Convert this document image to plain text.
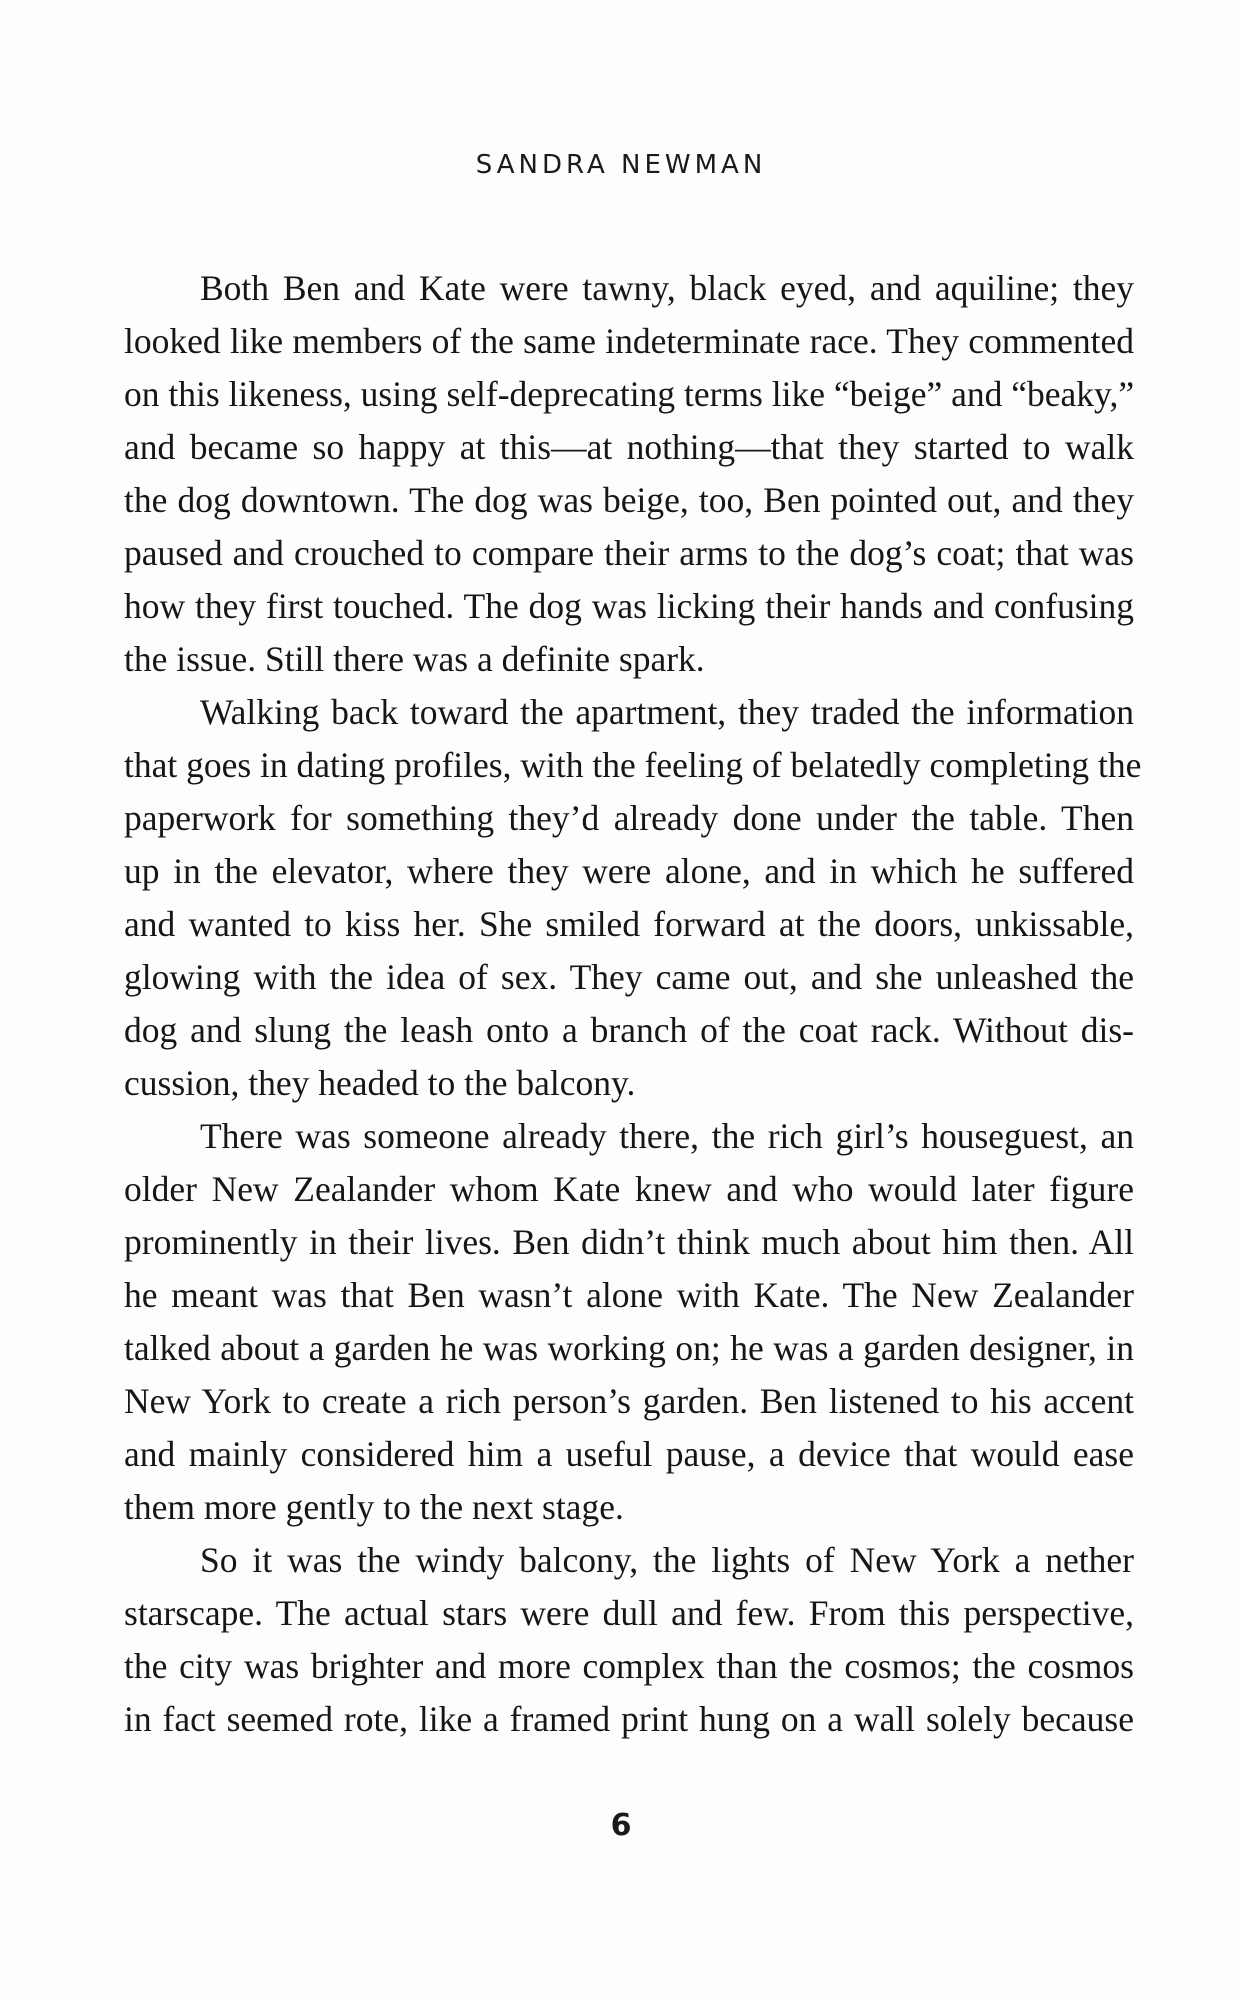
SANDRA NEWMAN
Both Ben and Kate were tawny, black eyed, and aquiline; they
looked like members of the same indeterminate race. They commented
on this likeness, using self-deprecating terms like “beige” and “beaky,”
and became so happy at this—at nothing—that they started to walk
the dog downtown. The dog was beige, too, Ben pointed out, and they
paused and crouched to compare their arms to the dog’s coat; that was
how they first touched. The dog was licking their hands and confusing
the issue. Still there was a definite spark.
Walking back toward the apartment, they traded the information
that goes in dating profiles, with the feeling of belatedly completing the
paperwork for something they’d already done under the table. Then
up in the elevator, where they were alone, and in which he suffered
and wanted to kiss her. She smiled forward at the doors, unkissable,
glowing with the idea of sex. They came out, and she unleashed the
dog and slung the leash onto a branch of the coat rack. Without dis-
cussion, they headed to the balcony.
There was someone already there, the rich girl’s houseguest, an
older New Zealander whom Kate knew and who would later figure
prominently in their lives. Ben didn’t think much about him then. All
he meant was that Ben wasn’t alone with Kate. The New Zealander
talked about a garden he was working on; he was a garden designer, in
New York to create a rich person’s garden. Ben listened to his accent
and mainly considered him a useful pause, a device that would ease
them more gently to the next stage.
So it was the windy balcony, the lights of New York a nether
starscape. The actual stars were dull and few. From this perspective,
the city was brighter and more complex than the cosmos; the cosmos
in fact seemed rote, like a framed print hung on a wall solely because
6
